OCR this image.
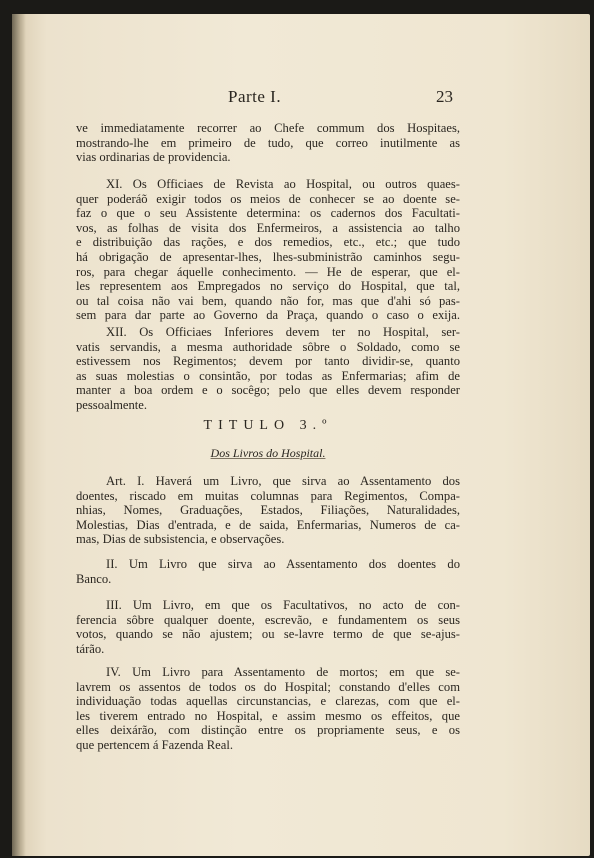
Parte I.	23
ve immediatamente recorrer ao Chefe commum dos Hospitaes,
mostrando-lhe em primeiro de tudo, que correo inutilmente as
vias ordinarias de providencia.
XI. Os Officiaes de Revista ao Hospital, ou outros quaes-
quer poderáõ exigir todos os meios de conhecer se ao doente se-
faz o que o seu Assistente determina: os cadernos dos Facultati-
vos, as folhas de visita dos Enfermeiros, a assistencia ao talho
e distribuição das rações, e dos remedios, etc., etc.; que tudo
há obrigação de apresentar-lhes, lhes-subministrão caminhos segu-
ros, para chegar áquelle conhecimento. — He de esperar, que el-
les representem aos Empregados no serviço do Hospital, que tal,
ou tal coisa não vai bem, quando não for, mas que d'ahi só pas-
sem para dar parte ao Governo da Praça, quando o caso o exija.
XII. Os Officiaes Inferiores devem ter no Hospital, ser-
vatis servandis, a mesma authoridade sôbre o Soldado, como se
estivessem nos Regimentos; devem por tanto dividir-se, quanto
as suas molestias o consintão, por todas as Enfermarias; afim de
manter a boa ordem e o socêgo; pelo que elles devem responder
pessoalmente.
TITULO 3.º
Dos Livros do Hospital.
Art. I. Haverá um Livro, que sirva ao Assentamento dos
doentes, riscado em muitas columnas para Regimentos, Compa-
nhias, Nomes, Graduações, Estados, Filiações, Naturalidades,
Molestias, Dias d'entrada, e de saida, Enfermarias, Numeros de ca-
mas, Dias de subsistencia, e observações.
II. Um Livro que sirva ao Assentamento dos doentes do
Banco.
III. Um Livro, em que os Facultativos, no acto de con-
ferencia sôbre qualquer doente, escrevão, e fundamentem os seus
votos, quando se não ajustem; ou se-lavre termo de que se-ajus-
tárão.
IV. Um Livro para Assentamento de mortos; em que se-
lavrem os assentos de todos os do Hospital; constando d'elles com
individuação todas aquellas circunstancias, e clarezas, com que el-
les tiverem entrado no Hospital, e assim mesmo os effeitos, que
elles deixárão, com distinção entre os propriamente seus, e os
que pertencem á Fazenda Real.
